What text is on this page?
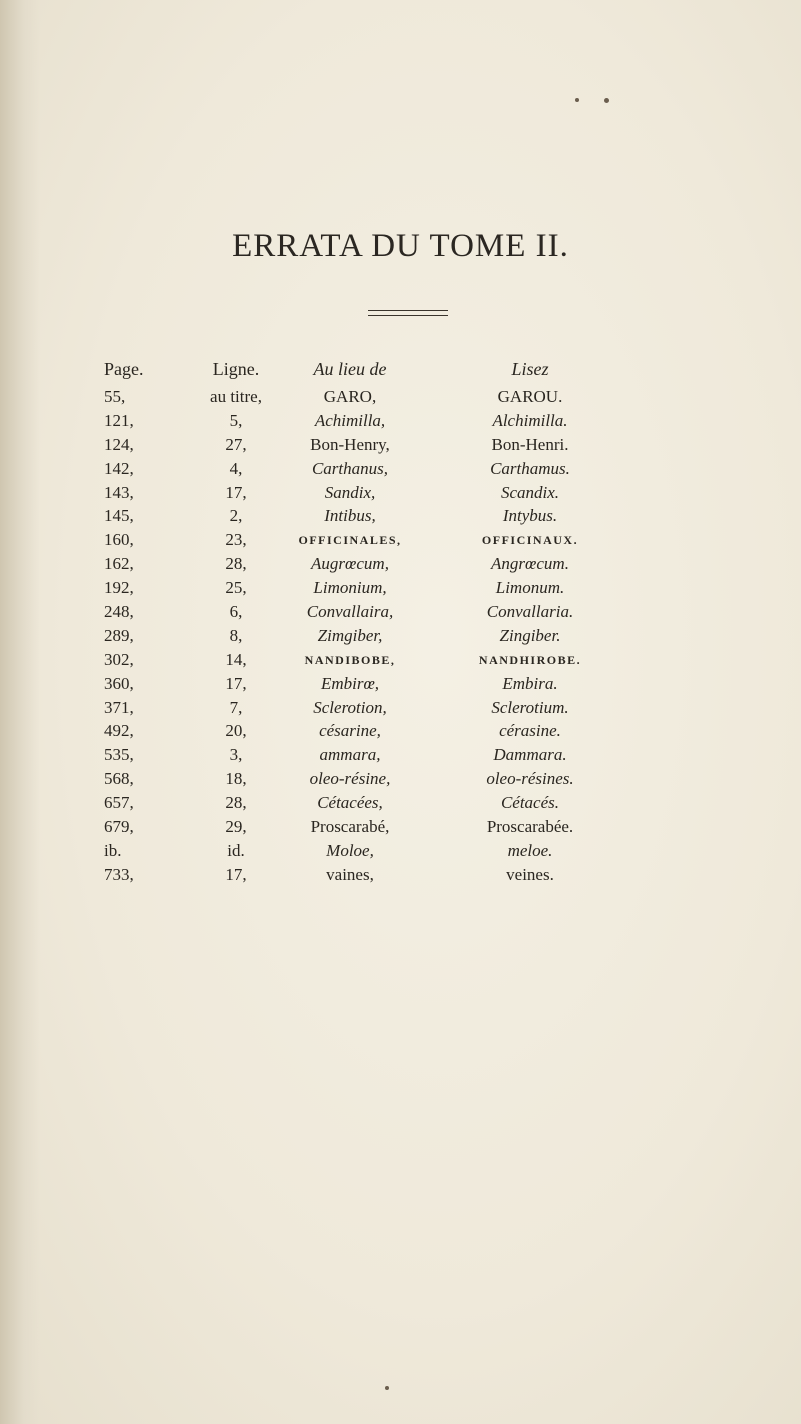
ERRATA DU TOME II.
Page.	Ligne.	Au lieu de	Lisez
55,	au titre,	GARO,	GAROU.
121,	5,	Achimilla,	Alchimilla.
124,	27,	Bon-Henry,	Bon-Henri.
142,	4,	Carthanus,	Carthamus.
143,	17,	Sandix,	Scandix.
145,	2,	Intibus,	Intybus.
160,	23,	OFFICINALES,	OFFICINAUX.
162,	28,	Augrœcum,	Angrœcum.
192,	25,	Limonium,	Limonum.
248,	6,	Convallaira,	Convallaria.
289,	8,	Zimgiber,	Zingiber.
302,	14,	NANDIBOBE,	NANDHIROBE.
360,	17,	Embirœ,	Embira.
371,	7,	Sclerotion,	Sclerotium.
492,	20,	césarine,	cérasine.
535,	3,	ammara,	Dammara.
568,	18,	oleo-résine,	oleo-résines.
657,	28,	Cétacées,	Cétacés.
679,	29,	Proscarabé,	Proscarabée.
ib.	id.	Moloe,	meloe.
733,	17,	vaines,	veines.
